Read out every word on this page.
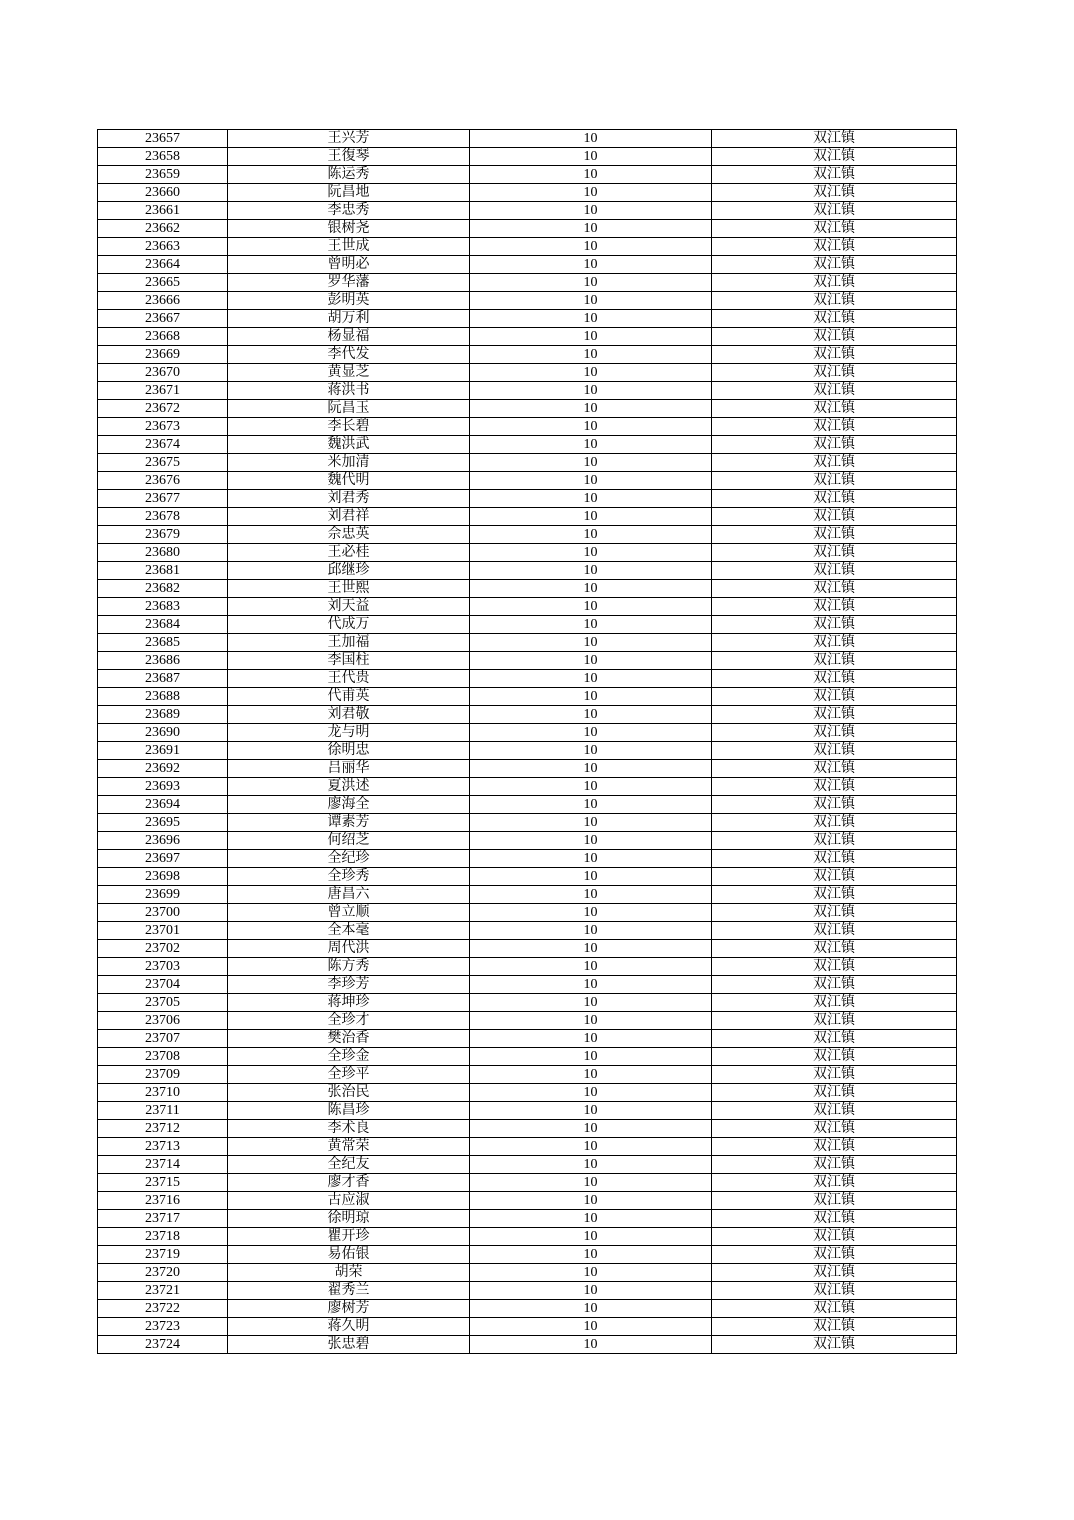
23657	王兴芳	10	双江镇
23658	王復琴	10	双江镇
23659	陈运秀	10	双江镇
23660	阮昌地	10	双江镇
23661	李忠秀	10	双江镇
23662	银树尧	10	双江镇
23663	王世成	10	双江镇
23664	曾明必	10	双江镇
23665	罗华藩	10	双江镇
23666	彭明英	10	双江镇
23667	胡万利	10	双江镇
23668	杨显福	10	双江镇
23669	李代发	10	双江镇
23670	黄显芝	10	双江镇
23671	蒋洪书	10	双江镇
23672	阮昌玉	10	双江镇
23673	李长碧	10	双江镇
23674	魏洪武	10	双江镇
23675	米加清	10	双江镇
23676	魏代明	10	双江镇
23677	刘君秀	10	双江镇
23678	刘君祥	10	双江镇
23679	佘忠英	10	双江镇
23680	王必桂	10	双江镇
23681	邱继珍	10	双江镇
23682	王世熙	10	双江镇
23683	刘天益	10	双江镇
23684	代成万	10	双江镇
23685	王加福	10	双江镇
23686	李国柱	10	双江镇
23687	王代贵	10	双江镇
23688	代甫英	10	双江镇
23689	刘君敬	10	双江镇
23690	龙与明	10	双江镇
23691	徐明忠	10	双江镇
23692	吕丽华	10	双江镇
23693	夏洪述	10	双江镇
23694	廖海全	10	双江镇
23695	谭素芳	10	双江镇
23696	何绍芝	10	双江镇
23697	全纪珍	10	双江镇
23698	全珍秀	10	双江镇
23699	唐昌六	10	双江镇
23700	曾立顺	10	双江镇
23701	全本毫	10	双江镇
23702	周代洪	10	双江镇
23703	陈方秀	10	双江镇
23704	李珍芳	10	双江镇
23705	蒋坤珍	10	双江镇
23706	全珍才	10	双江镇
23707	樊治香	10	双江镇
23708	全珍金	10	双江镇
23709	全珍平	10	双江镇
23710	张治民	10	双江镇
23711	陈昌珍	10	双江镇
23712	李术良	10	双江镇
23713	黄常荣	10	双江镇
23714	全纪友	10	双江镇
23715	廖才香	10	双江镇
23716	古应淑	10	双江镇
23717	徐明琼	10	双江镇
23718	瞿开珍	10	双江镇
23719	易佑银	10	双江镇
23720	胡荣	10	双江镇
23721	翟秀兰	10	双江镇
23722	廖树芳	10	双江镇
23723	蒋久明	10	双江镇
23724	张忠碧	10	双江镇
